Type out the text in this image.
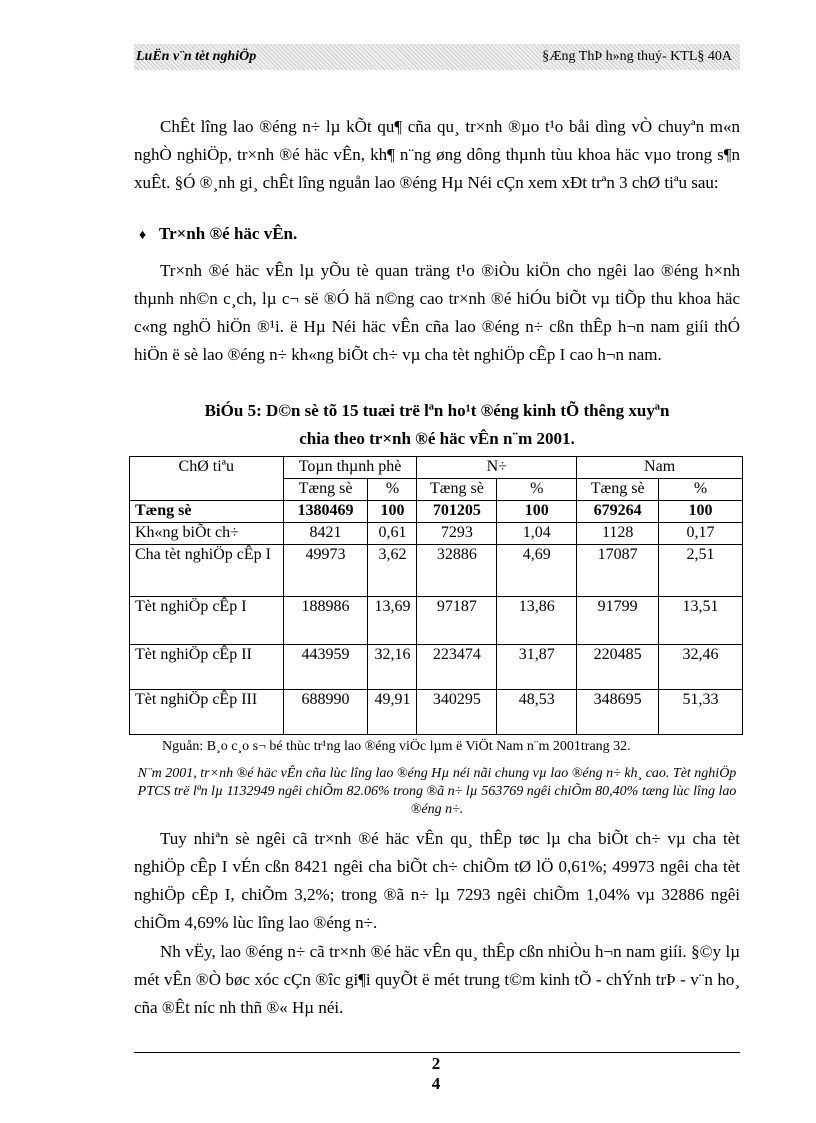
LuËn v¨n tèt nghiÖp	§Æng ThÞ h»ng thuý- KTL§ 40A

ChÊt lîng lao ®éng n÷ lµ kÕt qu¶ cña qu¸ tr×nh ®µo t¹o båi dìng vÒ chuyªn m«n nghÒ nghiÖp, tr×nh ®é häc vÊn, kh¶ n¨ng øng dông thµnh tùu khoa häc vµo trong s¶n xuÊt. §Ó ®¸nh gi¸ chÊt lîng nguån lao ®éng Hµ Néi cÇn xem xÐt trªn 3 chØ tiªu sau:

♦ Tr×nh ®é häc vÊn.

Tr×nh ®é häc vÊn lµ yÕu tè quan träng t¹o ®iÒu kiÖn cho ngêi lao ®éng h×nh thµnh nh©n c¸ch, lµ c¬ së ®Ó hä n©ng cao tr×nh ®é hiÓu biÕt vµ tiÕp thu khoa häc c«ng nghÖ hiÖn ®¹i. ë Hµ Néi häc vÊn cña lao ®éng n÷ cßn thÊp h¬n nam giíi thÓ hiÖn ë sè lao ®éng n÷ kh«ng biÕt ch÷ vµ cha tèt nghiÖp cÊp I cao h¬n nam.

BiÓu 5: D©n sè tõ 15 tuæi trë lªn ho¹t ®éng kinh tÕ thêng xuyªn
chia theo tr×nh ®é häc vÊn n¨m 2001.
ChØ tiªu	Toµn thµnh phè		N÷		Nam	
	Tæng sè	%	Tæng sè	%	Tæng sè	%
Tæng sè	1380469	100	701205	100	679264	100
Kh«ng biÕt ch÷	8421	0,61	7293	1,04	1128	0,17
Cha tèt nghiÖp cÊp I	49973	3,62	32886	4,69	17087	2,51
Tèt nghiÖp cÊp I	188986	13,69	97187	13,86	91799	13,51
Tèt nghiÖp cÊp II	443959	32,16	223474	31,87	220485	32,46
Tèt nghiÖp cÊp III	688990	49,91	340295	48,53	348695	51,33
Nguån: B¸o c¸o s¬ bé thùc tr¹ng lao ®éng viÖc lµm ë ViÖt Nam n¨m 2001trang 32.
N¨m 2001, tr×nh ®é häc vÊn cña lùc lîng lao ®éng Hµ néi nãi chung vµ lao ®éng n÷ kh¸ cao. Tèt nghiÖp PTCS trë lªn lµ 1132949 ngêi chiÕm 82.06% trong ®ã n÷ lµ 563769 ngêi chiÕm 80,40% tæng lùc lîng lao ®éng n÷.

Tuy nhiªn sè ngêi cã tr×nh ®é häc vÊn qu¸ thÊp tøc lµ cha biÕt ch÷ vµ cha tèt nghiÖp cÊp I vÉn cßn 8421 ngêi cha biÕt ch÷ chiÕm tØ lÖ 0,61%; 49973 ngêi cha tèt nghiÖp cÊp I, chiÕm 3,2%; trong ®ã n÷ lµ 7293 ngêi chiÕm 1,04% vµ 32886 ngêi chiÕm 4,69% lùc lîng lao ®éng n÷.

Nh vËy, lao ®éng n÷ cã tr×nh ®é häc vÊn qu¸ thÊp cßn nhiÒu h¬n nam giíi. §©y lµ mét vÊn ®Ò bøc xóc cÇn ®îc gi¶i quyÕt ë mét trung t©m kinh tÕ - chÝnh trÞ - v¨n ho¸ cña ®Êt níc nh thñ ®« Hµ néi.

2
4
